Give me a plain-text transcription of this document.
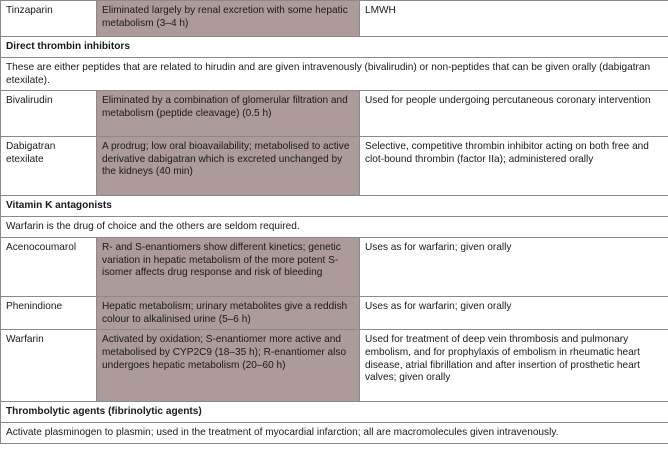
Tinzaparin	Eliminated largely by renal excretion with some hepatic metabolism (3–4 h)	LMWH
Direct thrombin inhibitors		
These are either peptides that are related to hirudin and are given intravenously (bivalirudin) or non-peptides that can be given orally (dabigatran etexilate).		
Bivalirudin	Eliminated by a combination of glomerular filtration and metabolism (peptide cleavage) (0.5 h)	Used for people undergoing percutaneous coronary intervention
Dabigatran etexilate	A prodrug; low oral bioavailability; metabolised to active derivative dabigatran which is excreted unchanged by the kidneys (40 min)	Selective, competitive thrombin inhibitor acting on both free and clot-bound thrombin (factor IIa); administered orally
Vitamin K antagonists		
Warfarin is the drug of choice and the others are seldom required.		
Acenocoumarol	R- and S-enantiomers show different kinetics; genetic variation in hepatic metabolism of the more potent S-isomer affects drug response and risk of bleeding	Uses as for warfarin; given orally
Phenindione	Hepatic metabolism; urinary metabolites give a reddish colour to alkalinised urine (5–6 h)	Uses as for warfarin; given orally
Warfarin	Activated by oxidation; S-enantiomer more active and metabolised by CYP2C9 (18–35 h); R-enantiomer also undergoes hepatic metabolism (20–60 h)	Used for treatment of deep vein thrombosis and pulmonary embolism, and for prophylaxis of embolism in rheumatic heart disease, atrial fibrillation and after insertion of prosthetic heart valves; given orally
Thrombolytic agents (fibrinolytic agents)		
Activate plasminogen to plasmin; used in the treatment of myocardial infarction; all are macromolecules given intravenously.		
